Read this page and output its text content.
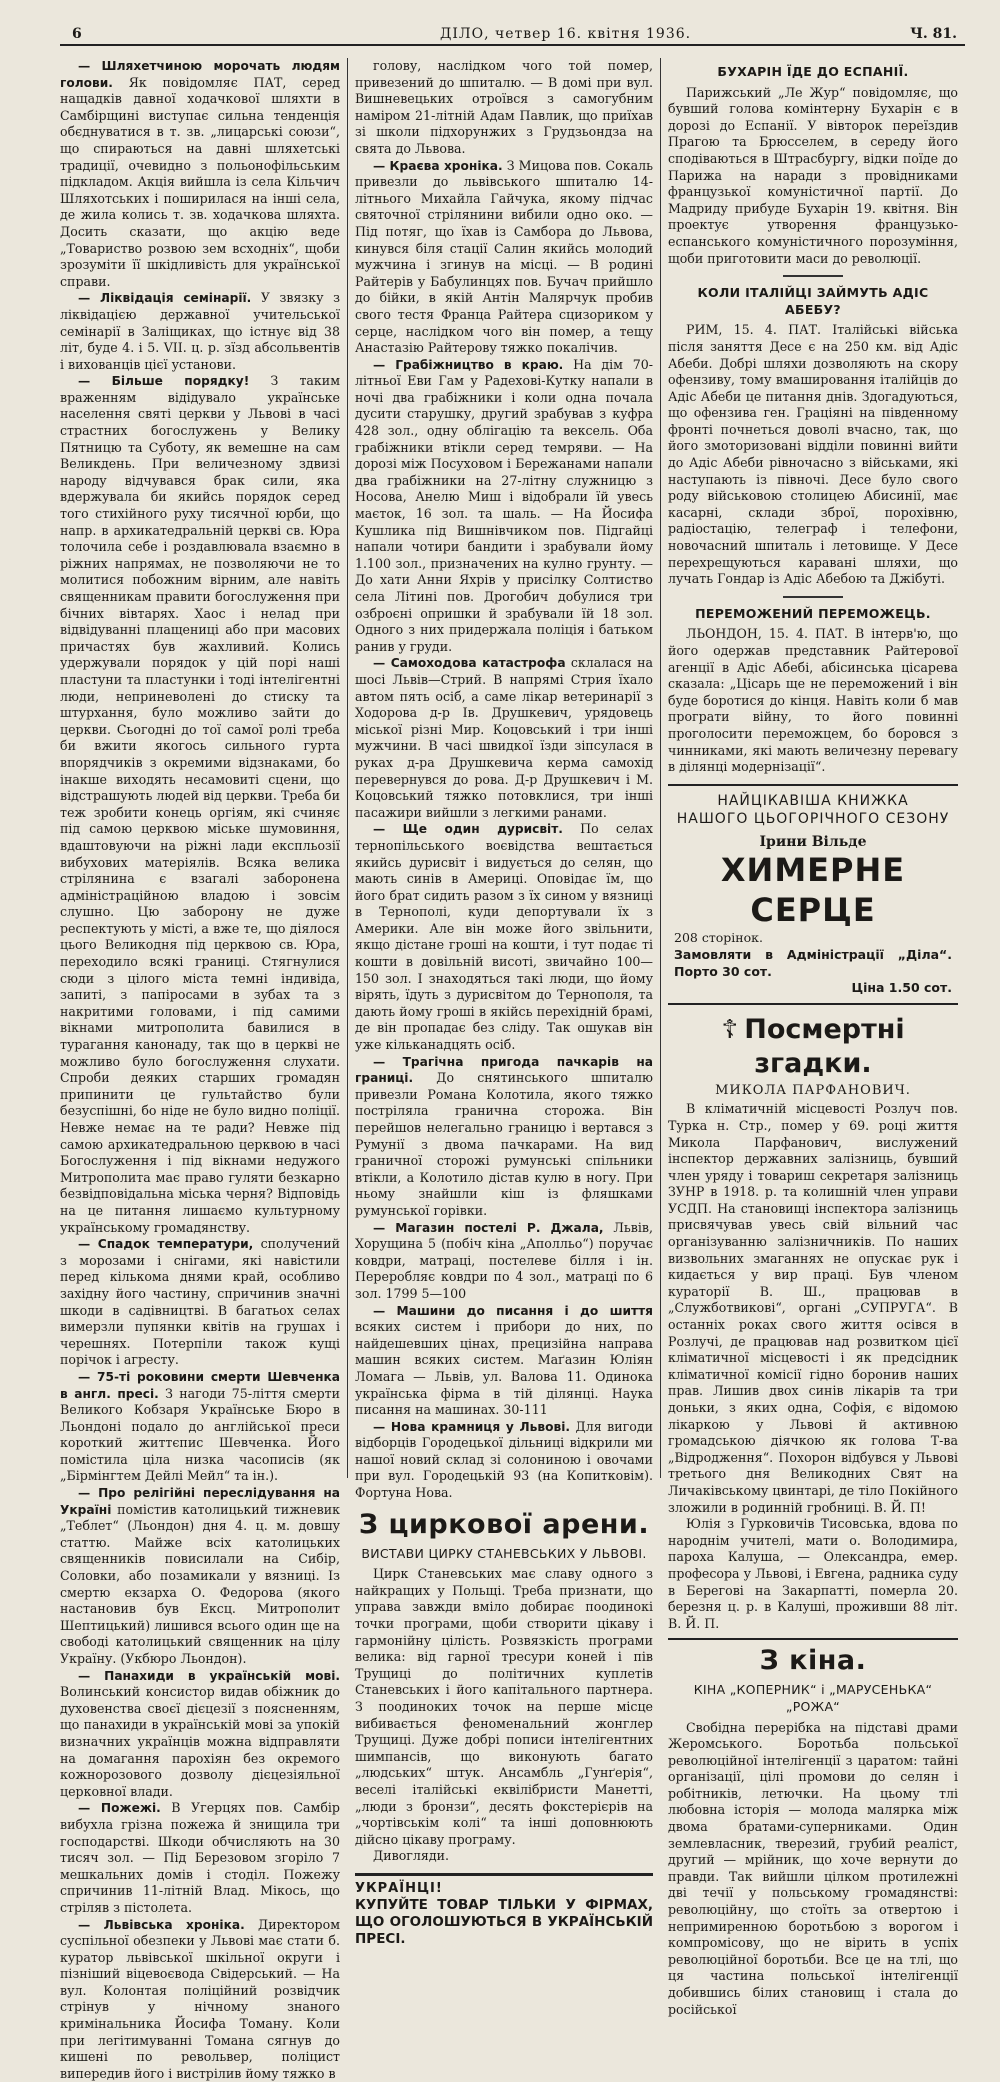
6	ДІЛО, четвер 16. квітня 1936.	Ч. 81.

— Шляхетчиною морочать людям голови. Як повідомляє ПАТ, серед нащадків давної ходачкової шляхти в Самбірщині виступає сильна тенденція обєднуватися в т. зв. „лицарські союзи“, що спираються на давні шляхетські традиції, очевидно з польонофільським підкладом. Акція вийшла із села Кільчич Шляхотських і поширилася на інші села, де жила колись т. зв. ходачкова шляхта. Досить сказати, що акцію веде „Товариство розвою зем всходніх“, щоби зрозуміти її шкідливість для української справи.

— Ліквідація семінарії. У звязку з ліквідацією державної учительської семінарії в Заліщиках, що істнує від 38 літ, буде 4. і 5. VII. ц. р. зїзд абсольвентів і вихованців цієї установи.

— Більше порядку! З таким враженням відідувало українське населення святі церкви у Львові в часі страстних богослужень у Велику Пятницю та Суботу, як вемешне на сам Великдень. При величезному здвизі народу відчувався брак сили, яка вдержувала би якийсь порядок серед того стихійного руху тисячної юрби, що напр. в архикатедральній церкві св. Юра толочила себе і роздавлювала взаємно в ріжних напрямах, не позволяючи не то молитися побожним вірним, але навіть священникам правити богослуження при бічних вівтарях. Хаос і нелад при відвідуванні плащениці або при масових причастях був жахливий. Колись удержували порядок у цій порі наші пластуни та пластунки і тоді інтелігентні люди, неприневолені до стиску та штурхання, було можливо зайти до церкви. Сьогодні до тої самої ролі треба би вжити якогось сильного гурта впорядчиків з окремими відзнаками, бо інакше виходять несамовиті сцени, що відстрашують людей від церкви. Треба би теж зробити конець оргіям, які счиняє під самою церквою міське шумовиння, вдаштовуючи на ріжні лади експльозії вибухових матеріялів. Всяка велика стрілянина є взагалі заборонена адміністраційною владою і зовсім слушно. Цю заборону не дуже респектують у місті, а вже те, що діялося цього Великодня під церквою св. Юра, переходило всякі границі. Стягнулися сюди з цілого міста темні індивіда, запиті, з папіросами в зубах та з накритими головами, і під самими вікнами митрополита бавилися в турагання канонаду, так що в церкві не можливо було богослуження слухати. Спроби деяких старших громадян припинити це гультайство були безуспішні, бо ніде не було видно поліції. Невже немає на те ради? Невже під самою архикатедральною церквою в часі Богослуження і під вікнами недужого Митрополита має право гуляти безкарно безвідповідальна міська черня? Відповідь на це питання лишаємо культурному українському громадянству.

— Спадок температури, сполучений з морозами і снігами, які навістили перед кількома днями край, особливо західну його частину, спричинив значні шкоди в садівництві. В багатьох селах вимерзли пупянки квітів на грушах і черешнях. Потерпіли також кущі порічок і агресту.

— 75-ті роковини смерти Шевченка в англ. пресі. З нагоди 75-ліття смерти Великого Кобзаря Українське Бюро в Льондоні подало до англійської преси короткий життєпис Шевченка. Його помістила ціла низка часописів (як „Бірмінгтем Дейлі Мейл“ та ін.).

— Про релігійні переслідування на Україні помістив католицький тижневик „Теблет“ (Льондон) дня 4. ц. м. довшу статтю. Майже всіх католицьких священників повисилали на Сибір, Соловки, або позамикали у вязниці. Із смертю екзарха О. Федорова (якого настановив був Ексц. Митрополит Шептицький) лишився всього один ще на свободі католицький священник на цілу Україну. (Укбюро Льондон).

— Панахиди в українській мові. Волинський консистор видав обіжник до духовенства своєї дієцезії з поясненням, що панахиди в українській мові за упокій визначних українців можна відправляти на домагання парохіян без окремого кожнорозового дозволу дієцезіяльної церковної влади.

— Пожежі. В Угерцях пов. Самбір вибухла грізна пожежа й знищила три господарстві. Шкоди обчисляють на 30 тисяч зол. — Під Березовом згоріло 7 мешкальних домів і стоділ. Пожежу спричинив 11-літній Влад. Мікось, що стріляв з пістолета.

— Львівська хроніка. Директором суспільної обезпеки у Львові має стати б. куратор львівської шкільної округи і пізніший віцевоєвода Свідерський. — На вул. Колонтая поліційний розвідчик стрінув у нічному знаного кримінальника Йосифа Томану. Коли при легітимуванні Томана сягнув до кишені по револьвер, поліцист випередив його і вистрілив йому тяжко в

голову, наслідком чого той помер, привезений до шпиталю. — В домі при вул. Вишневецьких отроївся з самогубним наміром 21-літній Адам Павлик, що приїхав зі школи підхорунжих з Грудзьондза на свята до Львова.

— Краєва хроніка. З Мицова пов. Сокаль привезли до львівського шпиталю 14-літнього Михайла Гайчука, якому підчас святочної стрілянини вибили одно око. — Під потяг, що їхав із Самбора до Львова, кинувся біля стації Салин якийсь молодий мужчина і згинув на місці. — В родині Райтерів у Бабулинцях пов. Бучач прийшло до бійки, в якій Антін Малярчук пробив свого тестя Франца Райтера сцизориком у серце, наслідком чого він помер, а тещу Анастазію Райтерову тяжко покалічив.

— Грабіжництво в краю. На дім 70-літньої Еви Гам у Радехові-Кутку напали в ночі два грабіжники і коли одна почала дусити старушку, другий зрабував з куфра 428 зол., одну облігацію та вексель. Оба грабіжники втікли серед темряви. — На дорозі між Посуховом і Бережанами напали два грабіжники на 27-літну служницю з Носова, Анелю Миш і відобрали їй увесь маєток, 16 зол. та шаль. — На Йосифа Кушлика під Вишнівчиком пов. Підгайці напали чотири бандити і зрабували йому 1.100 зол., призначених на кулно грунту. — До хати Анни Яхрів у присілку Солтиство села Літині пов. Дрогобич добулися три озброєні опришки й зрабували їй 18 зол. Одного з них придержала поліція і батьком ранив у груди.

— Самоходова катастрофа склалася на шосі Львів—Стрий. В напрямі Стрия їхало автом пять осіб, а саме лікар ветеринарії з Ходорова д-р Ів. Друшкевич, урядовець міської різні Мир. Коцовський і три інші мужчини. В часі швидкої їзди зіпсулася в руках д-ра Друшкевича керма самохід перевернувся до рова. Д-р Друшкевич і М. Коцовський тяжко потовклися, три інші пасажири вийшли з легкими ранами.

— Ще один дурисвіт. По селах тернопільського воєвідства вештається якийсь дурисвіт і видується до селян, що мають синів в Америці. Оповідає їм, що його брат сидить разом з їх сином у вязниці в Тернополі, куди депортували їх з Америки. Але він може його звільнити, якщо дістане гроші на кошти, і тут подає ті кошти в довільній висоті, звичайно 100—150 зол. І знаходяться такі люди, що йому вірять, їдуть з дурисвітом до Тернополя, та дають йому гроші в якійсь перехідній брамі, де він пропадає без сліду. Так ошукав він уже кільканадцять осіб.

— Трагічна пригода пачкарів на границі. До снятинського шпиталю привезли Романа Колотила, якого тяжко постріляла гранична сторожа. Він перейшов нелегально границю і вертався з Румунії з двома пачкарами. На вид граничної сторожі румунські спільники втікли, а Колотило дістав кулю в ногу. При ньому знайшли кіш із фляшками румунської горівки.

— Магазин постелі Р. Джала, Львів, Хорущина 5 (побіч кіна „Аполльо“) поручає ковдри, матраці, постелеве білля і ін. Переробляє ковдри по 4 зол., матраці по 6 зол. 1799 5—100

— Машини до писання і до шиття всяких систем і прибори до них, по найдешевших цінах, прецизійна направа машин всяких систем. Маґазин Юліян Ломага — Львів, ул. Валова 11. Одинока українська фірма в тій ділянці. Наука писання на машинах. 30-111

— Нова крамниця у Львові. Для вигоди відборців Городецької дільниці відкрили ми нашої новий склад зі солониною і овочами при вул. Городецькій 93 (на Копитковім). Фортуна Нова.

З циркової арени.
ВИСТАВИ ЦИРКУ СТАНЕВСЬКИХ У ЛЬВОВІ.

Цирк Станевських має славу одного з найкращих у Польщі. Треба признати, що управа завжди вміло добирає поодинокі точки програми, щоби створити цікаву і гармонійну цілість. Розвязкість програми велика: від гарної тресури коней і пів Трущиці до політичних куплетів Станевських і його капітального партнера. З поодиноких точок на перше місце вибивається феноменальний жонглер Трущиці. Дуже добрі пописи інтелігентних шимпансів, що виконують багато „людських“ штук. Ансамбль „Гунґерія“, веселі італійські еквілібристи Манетті, „люди з бронзи“, десять фокстерієрів на „чортівськім колі“ та інші доповнюють дійсно цікаву програму.

Дивогляди.

УКРАЇНЦІ!
КУПУЙТЕ ТОВАР ТІЛЬКИ У ФІРМАХ, ЩО ОГОЛОШУЮТЬСЯ В УКРАЇНСЬКІЙ ПРЕСІ.
БУХАРІН ЇДЕ ДО ЕСПАНІЇ.

Парижський „Ле Жур“ повідомляє, що бувший голова комінтерну Бухарін є в дорозі до Еспанії. У вівторок переїздив Прагою та Брюсселем, в середу його сподіваються в Штрасбургу, відки поїде до Парижа на наради з провідниками французької комуністичної партії. До Мадриду прибуде Бухарін 19. квітня. Він проектує утворення французько-еспанського комуністичного порозуміння, щоби приготовити маси до революції.

КОЛИ ІТАЛІЙЦІ ЗАЙМУТЬ АДІС АБЕБУ?

РИМ, 15. 4. ПАТ. Італійські війська після заняття Десе є на 250 км. від Адіс Абеби. Добрі шляхи дозволяють на скору офензиву, тому вмашировання італійців до Адіс Абеби це питання днів. Здогадуються, що офензива ген. Граціяні на південному фронті почнеться доволі вчасно, так, що його змоторизовані відділи повинні вийти до Адіс Абеби рівночасно з військами, які наступають із півночі. Десе було свого роду військовою столицею Абисинії, має касарні, склади зброї, порохівню, радіостацію, телеграф і телефони, новочасний шпиталь і летовище. У Десе перехрещуються каравані шляхи, що лучать Гондар із Адіс Абебою та Джібуті.

ПЕРЕМОЖЕНИЙ ПЕРЕМОЖЕЦЬ.

ЛЬОНДОН, 15. 4. ПАТ. В інтерв'ю, що його одержав представник Райтерової агенції в Адіс Абебі, абісинська цісарева сказала: „Цісарь ще не переможений і він буде боротися до кінця. Навіть коли б мав програти війну, то його повинні проголосити переможцем, бо боровся з чинниками, які мають величезну перевагу в ділянці модернізації“.

НАЙЦІКАВІША КНИЖКА
НАШОГО ЦЬОГОРІЧНОГО СЕЗОНУ
Ірини Вільде
ХИМЕРНЕ СЕРЦЕ
208 сторінок.
Замовляти в Адміністрації „Діла“. Порто 30 сот.
Ціна 1.50 сот.
☦ Посмертні згадки.
МИКОЛА ПАРФАНОВИЧ.

В кліматичній місцевості Розлуч пов. Турка н. Стр., помер у 69. році життя Микола Парфанович, вислужений інспектор державних залізниць, бувший член уряду і товариш секретаря залізниць ЗУНР в 1918. р. та колишній член управи УСДП. На становищі інспектора залізниць присвячував увесь свій вільний час організуванню залізничників. По наших визвольних змаганнях не опускає рук і кидається у вир праці. Був членом кураторії В. Ш., працював в „Служботвикові“, органі „СУПРУГА“. В останніх роках свого життя осівся в Розлучі, де працював над розвитком цієї кліматичної місцевості і як предсідник кліматичної комісії гідно боронив наших прав. Лишив двох синів лікарів та три доньки, з яких одна, Софія, є відомою лікаркою у Львові й активною громадською діячкою як голова Т-ва „Відродження“. Похорон відбувся у Львові третього дня Великодних Свят на Личаківському цвинтарі, де тіло Покійного зложили в родинній гробниці. В. Й. П!

Юлія з Гурковичів Тисовська, вдова по народнім учителі, мати о. Володимира, пароха Калуша, — Олександра, емер. професора у Львові, і Евгена, радника суду в Берегові на Закарпатті, померла 20. березня ц. р. в Калуші, проживши 88 літ. В. Й. П.

З кіна.
КІНА „КОПЕРНИК“ і „МАРУСЕНЬКА“ „РОЖА“

Свобідна перерібка на підставі драми Жеромського. Боротьба польської революційної інтелігенції з царатом: тайні організації, цілі промови до селян і робітників, летючки. На цьому тлі любовна історія — молода малярка між двома братами-суперниками. Один землевласник, тверезий, грубий реаліст, другий — мрійник, що хоче вернути до правди. Так вийшли цілком протилежні дві течії у польському громадянстві: революційну, що стоїть за отвертою і непримиренною боротьбою з ворогом і компромісову, що не вірить в успіх революційної боротьби. Все це на тлі, що ця частина польської інтелігенції добившись білих становищ і стала до російської
